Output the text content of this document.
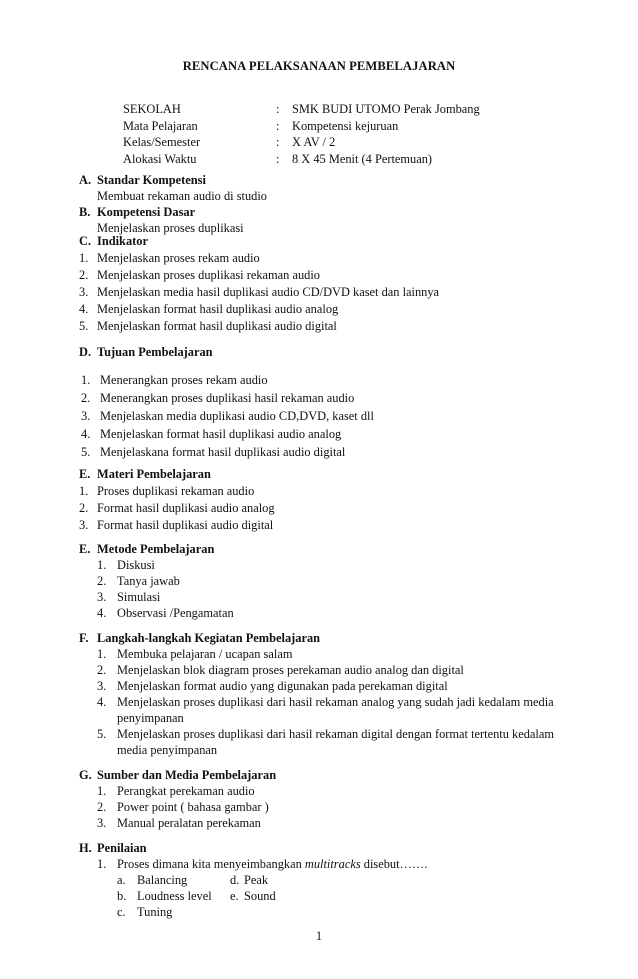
RENCANA PELAKSANAAN PEMBELAJARAN
SEKOLAH	: SMK BUDI UTOMO Perak Jombang
Mata Pelajaran	: Kompetensi kejuruan
Kelas/Semester	: X AV / 2
Alokasi Waktu	: 8 X 45 Menit (4 Pertemuan)
A. Standar Kompetensi
Membuat rekaman audio di studio
B. Kompetensi Dasar
Menjelaskan proses duplikasi
C. Indikator
1. Menjelaskan proses rekam audio
2. Menjelaskan proses duplikasi rekaman audio
3. Menjelaskan media hasil duplikasi audio CD/DVD kaset dan lainnya
4. Menjelaskan format hasil duplikasi audio analog
5. Menjelaskan format hasil duplikasi audio digital
D. Tujuan Pembelajaran
1. Menerangkan proses rekam audio
2. Menerangkan proses duplikasi hasil rekaman audio
3. Menjelaskan media duplikasi audio CD,DVD, kaset dll
4. Menjelaskan format hasil duplikasi audio analog
5. Menjelaskana format hasil duplikasi audio digital
E. Materi Pembelajaran
1. Proses duplikasi rekaman audio
2. Format hasil duplikasi audio analog
3. Format hasil duplikasi audio digital
E. Metode Pembelajaran
1. Diskusi
2. Tanya jawab
3. Simulasi
4. Observasi /Pengamatan
F. Langkah-langkah Kegiatan Pembelajaran
1. Membuka pelajaran / ucapan salam
2. Menjelaskan blok diagram proses perekaman audio analog dan digital
3. Menjelaskan format audio yang digunakan pada perekaman digital
4. Menjelaskan proses duplikasi dari hasil rekaman analog yang sudah jadi kedalam media
penyimpanan
5. Menjelaskan proses duplikasi dari hasil rekaman digital dengan format tertentu kedalam
media penyimpanan
G. Sumber dan Media Pembelajaran
1. Perangkat perekaman audio
2. Power point ( bahasa gambar )
3. Manual peralatan perekaman
H. Penilaian
1. Proses dimana kita menyeimbangkan multitracks disebut…….
a. Balancing	d. Peak
b. Loudness level e. Sound
c. Tuning
1
